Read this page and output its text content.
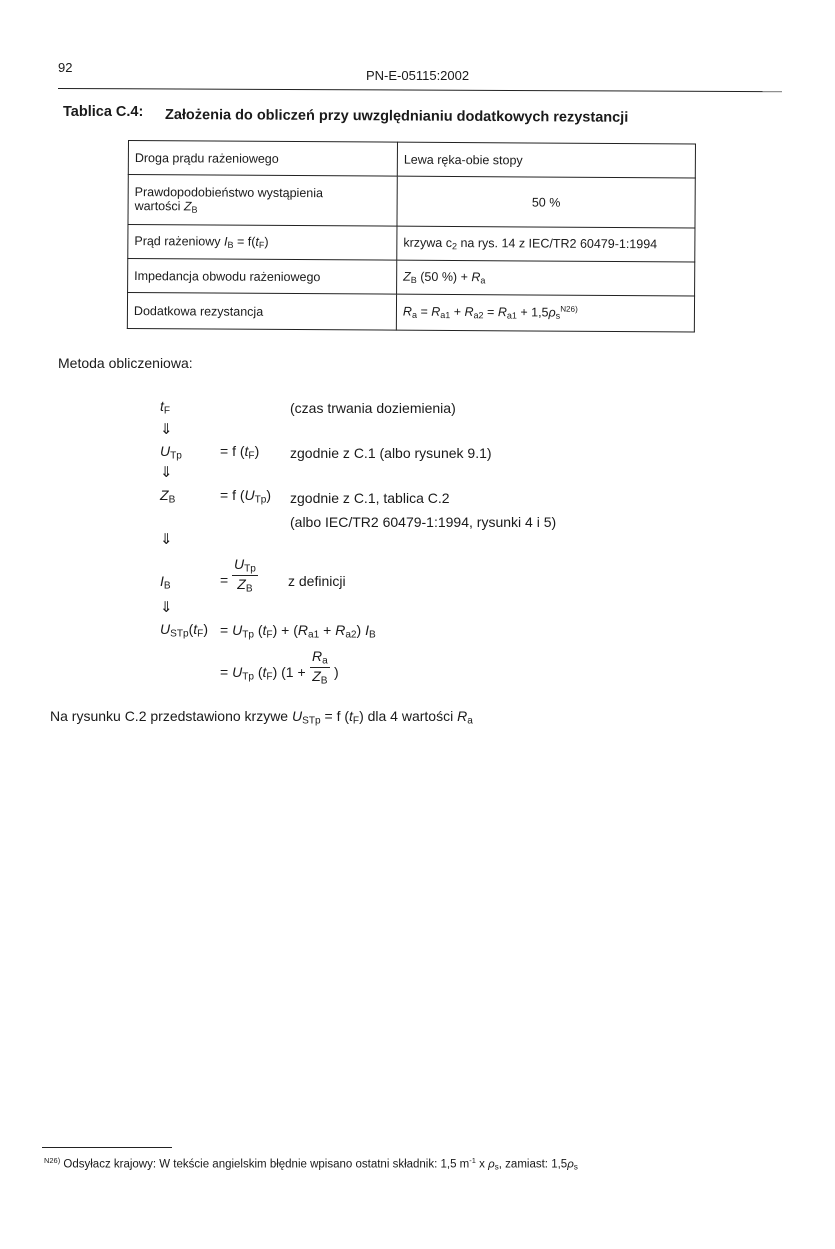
92
PN-E-05115:2002
Tablica C.4: Założenia do obliczeń przy uwzględnianiu dodatkowych rezystancji
Droga prądu rażeniowego	Lewa ręka-obie stopy
Prawdopodobieństwo wystąpienia
wartości $Z_B$	50 %
Prąd rażeniowy $I_B = f(t_F)$	krzywa $c_2$ na rys. 14 z IEC/TR2 60479-1:1994
Impedancja obwodu rażeniowego	$Z_B$ (50 %) + $R_a$
Dodatkowa rezystancja	$R_a = R_{a1} + R_{a2} = R_{a1} + 1,5\rho_s^{N26)}$
Metoda obliczeniowa:
$t_F$	(czas trwania doziemienia)
⇓
$U_{Tp}$	= f $(t_F)$ zgodnie z C.1 (albo rysunek 9.1)
⇓
$Z_B$	= f $(U_{Tp})$ zgodnie z C.1, tablica C.2
(albo IEC/TR2 60479-1:1994, rysunki 4 i 5)
⇓
$I_B$	=
$U_{Tp}$
$Z_B$	z definicji
⇓
$U_{STp}(t_F) = U_{Tp}$ $(t_F) + (R_{a1} + R_{a2})$ $I_B$
= $U_{Tp}$ $(t_F) (1 + \frac{R_a}{Z_B}$ )
Na rysunku C.2 przedstawiono krzywe $U_{STp} = f$ $(t_F)$ dla 4 wartości $R_a$
$^{N26)}$ Odsyłacz krajowy: W tekście angielskim błędnie wpisano ostatni składnik: 1,5 $m^{-1}$ x $\rho_s$, zamiast: $1,5\rho_s$
